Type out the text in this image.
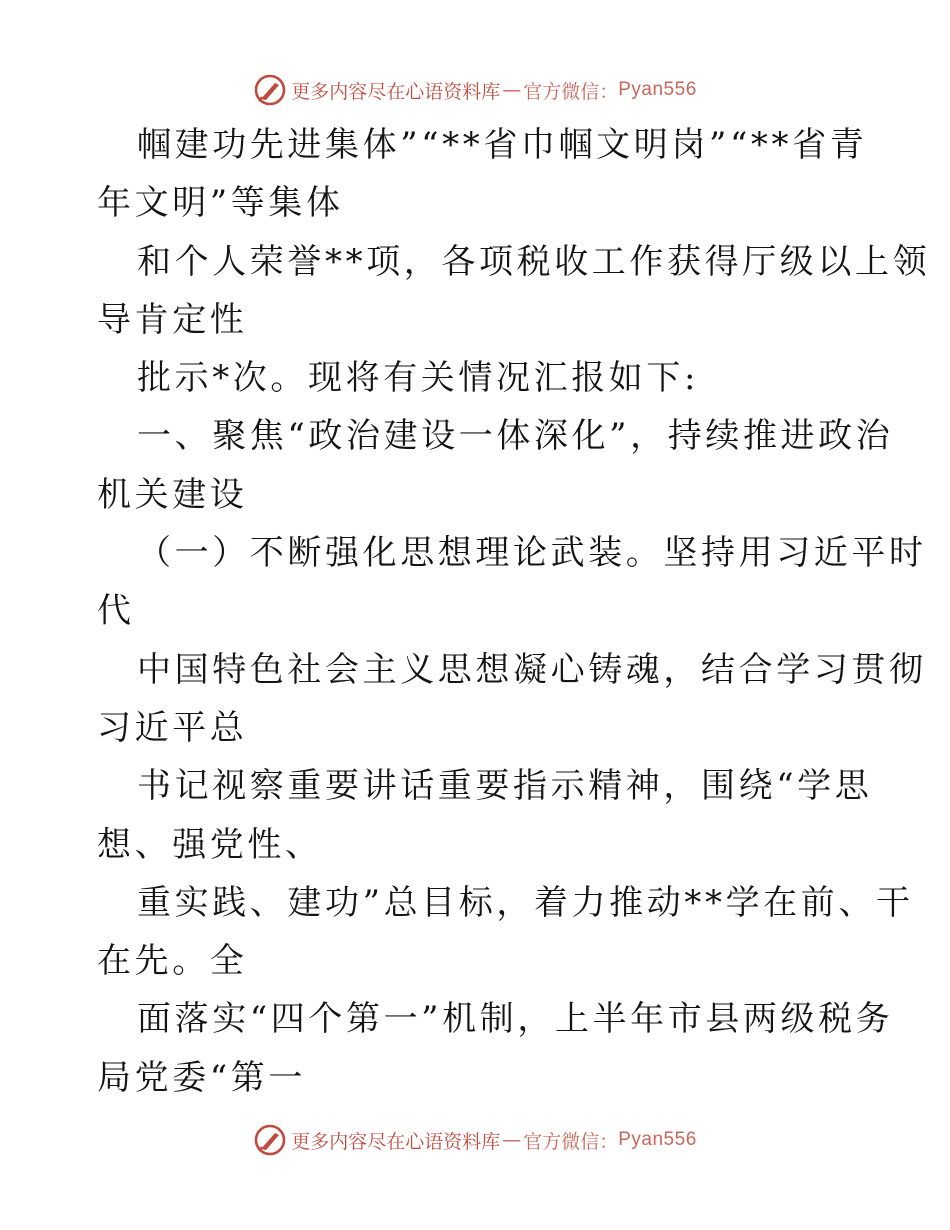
更多内容尽在心语资料库 — 官方微信： Pyan556
帼建功先进集体”“**省巾帼文明岗”“**省青
年文明”等集体
和个人荣誉**项，各项税收工作获得厅级以上领
导肯定性
批示*次。现将有关情况汇报如下:
一、聚焦“政治建设一体深化”，持续推进政治
机关建设
（一）不断强化思想理论武装。坚持用习近平时
代
中国特色社会主义思想凝心铸魂，结合学习贯彻
习近平总
书记视察重要讲话重要指示精神，围绕“学思
想、强党性、
重实践、建功”总目标，着力推动**学在前、干
在先。全
面落实“四个第一”机制，上半年市县两级税务
局党委“第一
更多内容尽在心语资料库 — 官方微信： Pyan556
